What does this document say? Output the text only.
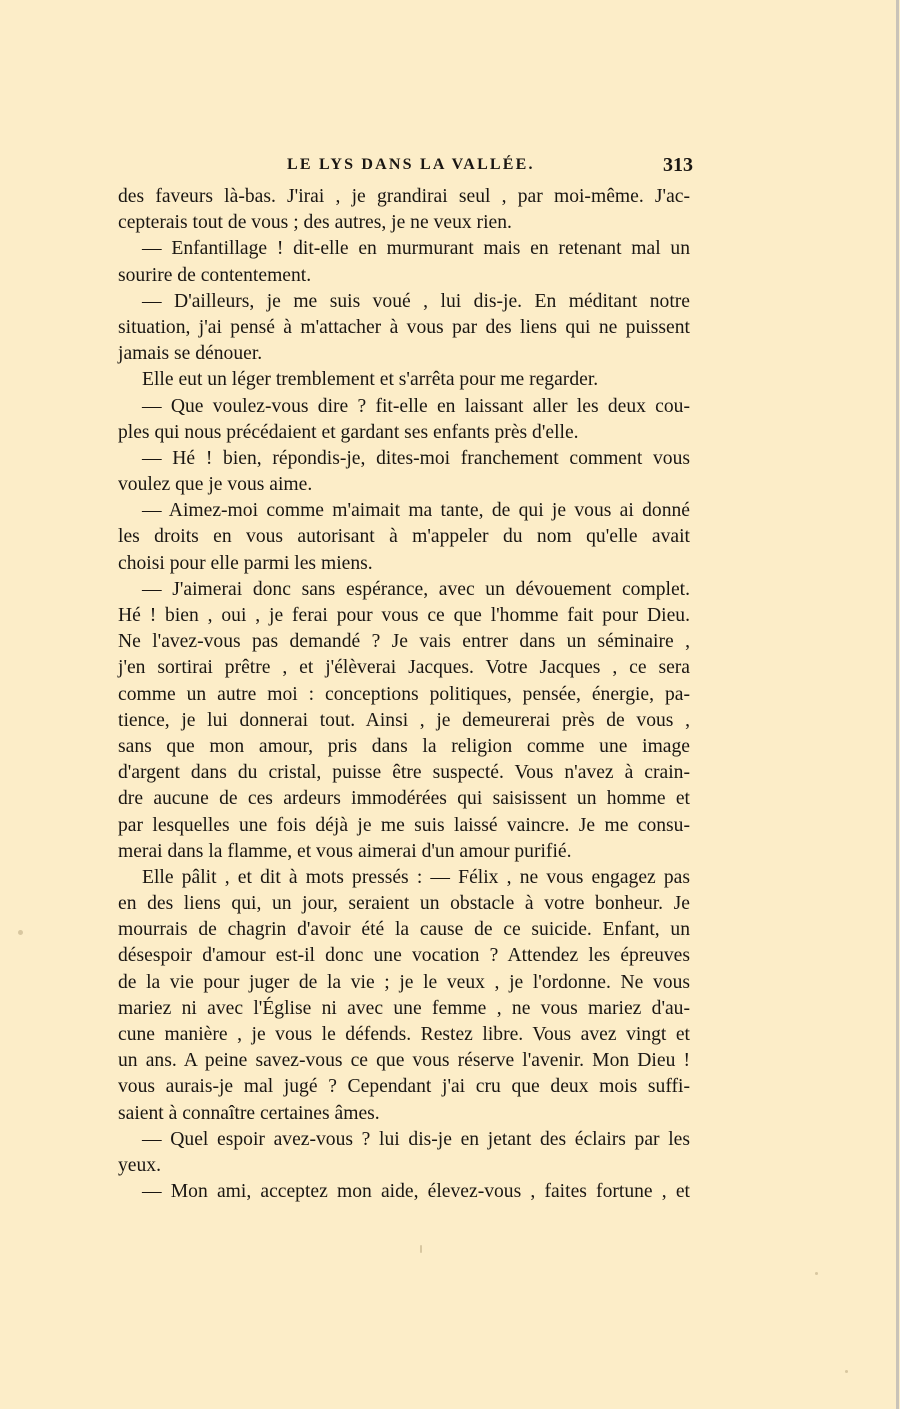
LE LYS DANS LA VALLÉE.	313
des faveurs là-bas. J'irai , je grandirai seul , par moi-même. J'ac-
cepterais tout de vous ; des autres, je ne veux rien.
— Enfantillage ! dit-elle en murmurant mais en retenant mal un
sourire de contentement.
— D'ailleurs, je me suis voué , lui dis-je. En méditant notre
situation, j'ai pensé à m'attacher à vous par des liens qui ne puissent
jamais se dénouer.
Elle eut un léger tremblement et s'arrêta pour me regarder.
— Que voulez-vous dire ? fit-elle en laissant aller les deux cou-
ples qui nous précédaient et gardant ses enfants près d'elle.
— Hé ! bien, répondis-je, dites-moi franchement comment vous
voulez que je vous aime.
— Aimez-moi comme m'aimait ma tante, de qui je vous ai donné
les droits en vous autorisant à m'appeler du nom qu'elle avait
choisi pour elle parmi les miens.
— J'aimerai donc sans espérance, avec un dévouement complet.
Hé ! bien , oui , je ferai pour vous ce que l'homme fait pour Dieu.
Ne l'avez-vous pas demandé ? Je vais entrer dans un séminaire ,
j'en sortirai prêtre , et j'élèverai Jacques. Votre Jacques , ce sera
comme un autre moi : conceptions politiques, pensée, énergie, pa-
tience, je lui donnerai tout. Ainsi , je demeurerai près de vous ,
sans que mon amour, pris dans la religion comme une image
d'argent dans du cristal, puisse être suspecté. Vous n'avez à crain-
dre aucune de ces ardeurs immodérées qui saisissent un homme et
par lesquelles une fois déjà je me suis laissé vaincre. Je me consu-
merai dans la flamme, et vous aimerai d'un amour purifié.
Elle pâlit , et dit à mots pressés : — Félix , ne vous engagez pas
en des liens qui, un jour, seraient un obstacle à votre bonheur. Je
mourrais de chagrin d'avoir été la cause de ce suicide. Enfant, un
désespoir d'amour est-il donc une vocation ? Attendez les épreuves
de la vie pour juger de la vie ; je le veux , je l'ordonne. Ne vous
mariez ni avec l'Église ni avec une femme , ne vous mariez d'au-
cune manière , je vous le défends. Restez libre. Vous avez vingt et
un ans. A peine savez-vous ce que vous réserve l'avenir. Mon Dieu !
vous aurais-je mal jugé ? Cependant j'ai cru que deux mois suffi-
saient à connaître certaines âmes.
— Quel espoir avez-vous ? lui dis-je en jetant des éclairs par les
yeux.
— Mon ami, acceptez mon aide, élevez-vous , faites fortune , et
